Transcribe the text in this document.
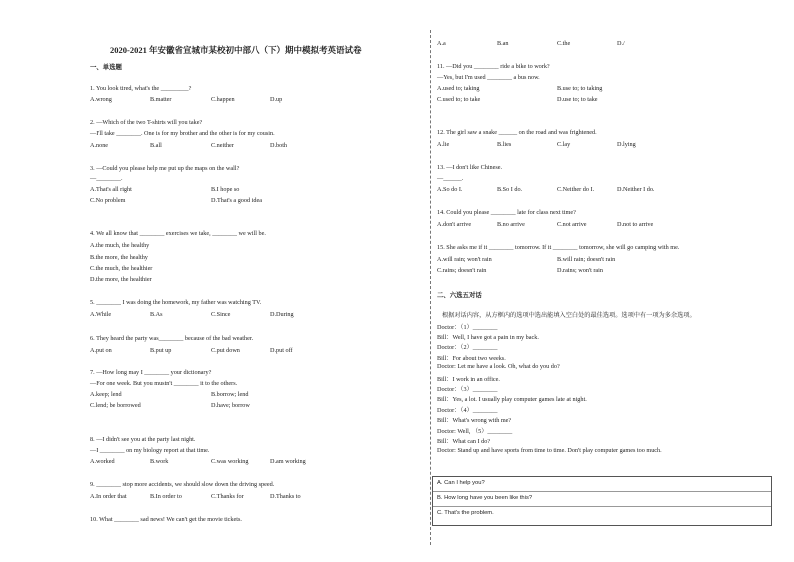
2020-2021 年安徽省宣城市某校初中部八（下）期中模拟考英语试卷
一、单选题
1. You look tired, what's the _________?
A.wrong	B.matter	C.happen	D.up
2. —Which of the two T-shirts will you take?
—I'll take ________. One is for my brother and the other is for my cousin.
A.none	B.all	C.neither	D.both
3. —Could you please help me put up the maps on the wall?
—________.
A.That's all right	B.I hope so
C.No problem	D.That's a good idea
4. We all know that ________ exercises we take, ________ we will be.
A.the much, the healthy
B.the more, the healthy
C.the much, the healthier
D.the more, the healthier
5. ________ I was doing the homework, my father was watching TV.
A.While	B.As	C.Since	D.During
6. They heard the party was________ because of the bad weather.
A.put on	B.put up	C.put down	D.put off
7. —How long may I ________ your dictionary?
—For one week. But you mustn't ________ it to the others.
A.keep; lend	B.borrow; lend
C.lend; be borrowed	D.have; borrow
8. —I didn't see you at the party last night.
—I ________ on my biology report at that time.
A.worked	B.work	C.was working	D.am working
9. ________ stop more accidents, we should slow down the driving speed.
A.In order that	B.In order to	C.Thanks for	D.Thanks to
10. What ________ sad news! We can't get the movie tickets.
A.a	B.an	C.the	D./
11. —Did you ________ ride a bike to work?
—Yes, but I'm used ________ a bus now.
A.used to; taking	B.use to; to taking
C.used to; to take	D.use to; to take
12. The girl saw a snake ______ on the road and was frightened.
A.lie	B.lies	C.lay	D.lying
13. —I don't like Chinese.
—______.
A.So do I.	B.So I do.	C.Neither do I.	D.Neither I do.
14. Could you please ________ late for class next time?
A.don't arrive	B.no arrive	C.not arrive	D.not to arrive
15. She asks me if it ________ tomorrow. If it ________ tomorrow, she will go camping with me.
A.will rain; won't rain	B.will rain; doesn't rain
C.rains; doesn't rain	D.rains; won't rain
二、六选五对话
根据对话内容，从方框内的选项中选出能填入空白处的最佳选项。选项中有一项为多余选项。
Doctor：（1）________
Bill：Well, I have got a pain in my back.
Doctor：（2）________
Bill：For about two weeks.
Doctor: Let me have a look. Oh, what do you do?
Bill：I work in an office.
Doctor：（3）________
Bill：Yes, a lot. I usually play computer games late at night.
Doctor：（4）________
Bill：What's wrong with me?
Doctor: Well, （5）________
Bill：What can I do?
Doctor: Stand up and have sports from time to time. Don't play computer games too much.
A. Can I help you?
B. How long have you been like this?
C. That's the problem.
